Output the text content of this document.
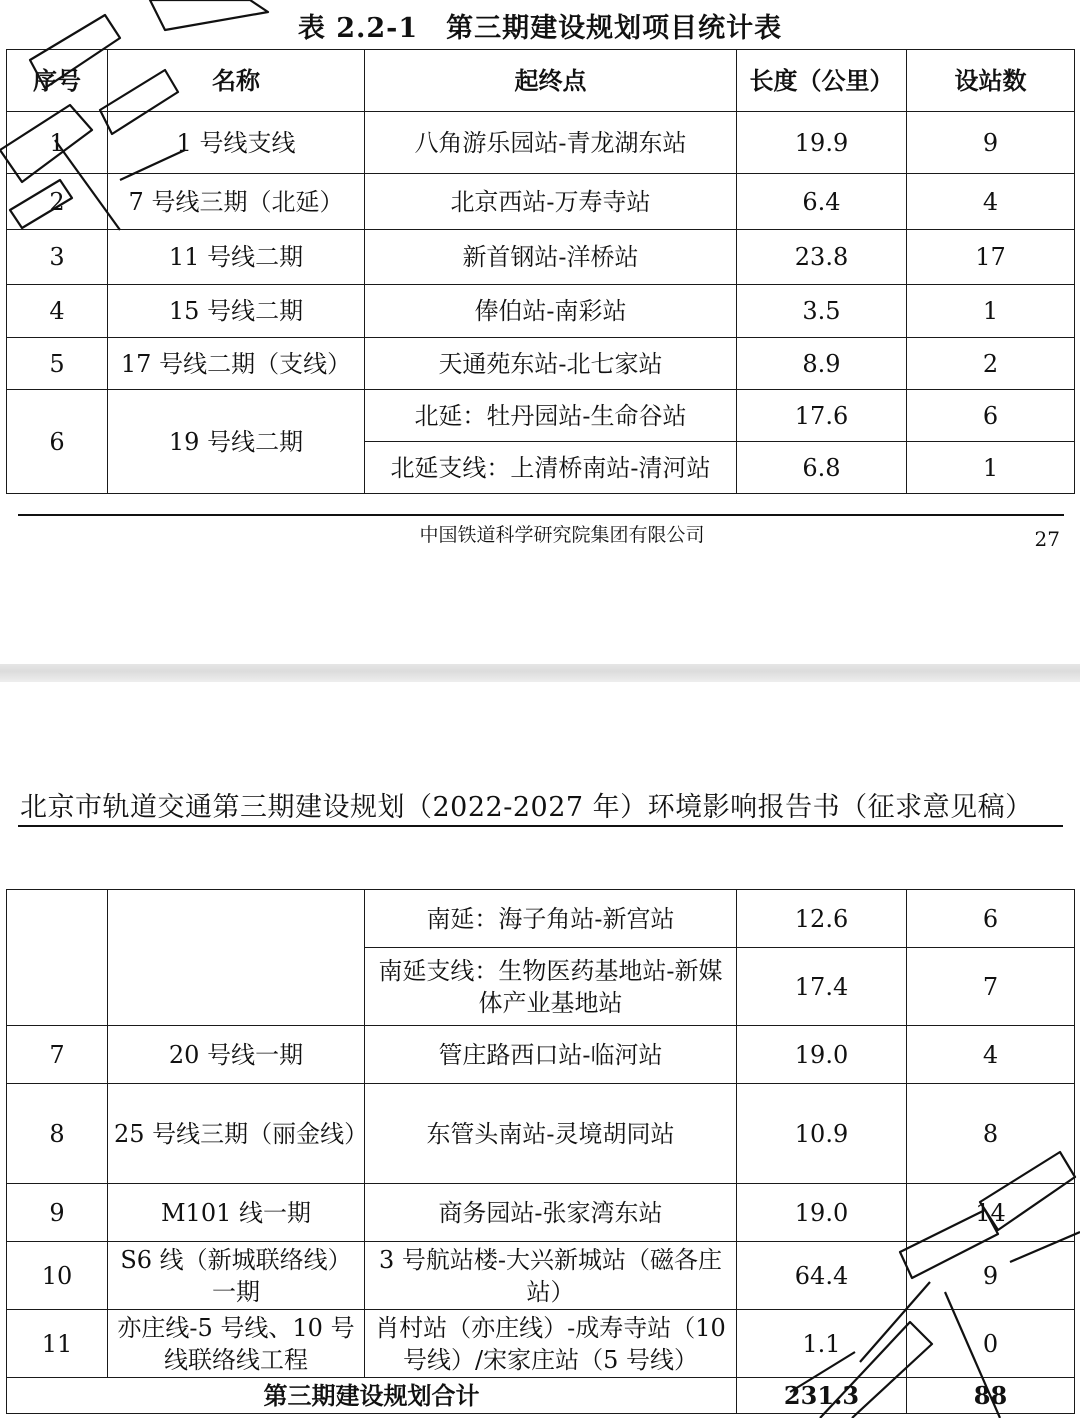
表 2.2-1　第三期建设规划项目统计表
序号	名称	起终点	长度（公里）	设站数
1	1 号线支线	八角游乐园站-青龙湖东站	19.9	9
2	7 号线三期（北延）	北京西站-万寿寺站	6.4	4
3	11 号线二期	新首钢站-洋桥站	23.8	17
4	15 号线二期	俸伯站-南彩站	3.5	1
5	17 号线二期（支线）	天通苑东站-北七家站	8.9	2
6	19 号线二期	北延：牡丹园站-生命谷站	17.6	6
		北延支线：上清桥南站-清河站	6.8	1
中国铁道科学研究院集团有限公司	27
北京市轨道交通第三期建设规划（2022-2027 年）环境影响报告书（征求意见稿）
		南延：海子角站-新宫站	12.6	6
		南延支线：生物医药基地站-新媒体产业基地站	17.4	7
7	20 号线一期	管庄路西口站-临河站	19.0	4
8	25 号线三期（丽金线）	东管头南站-灵境胡同站	10.9	8
9	M101 线一期	商务园站-张家湾东站	19.0	14
10	S6 线（新城联络线）一期	3 号航站楼-大兴新城站（磁各庄站）	64.4	9
11	亦庄线-5 号线、10 号线联络线工程	肖村站（亦庄线）-成寿寺站（10 号线）/宋家庄站（5 号线）	1.1	0
第三期建设规划合计			231.3	88
